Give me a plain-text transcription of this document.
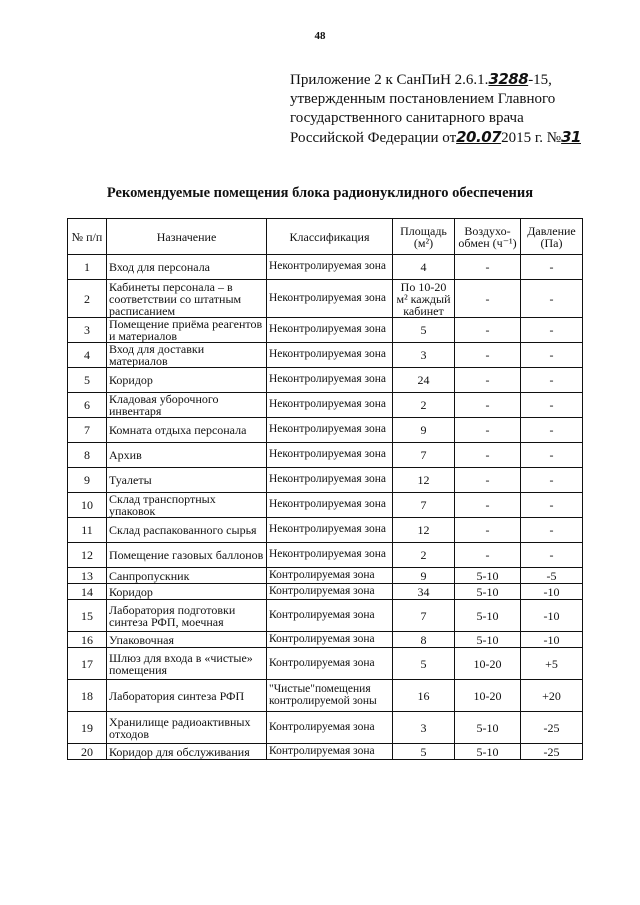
48
Приложение 2 к СанПиН 2.6.1.3288-15,
утвержденным постановлением Главного
государственного санитарного врача
Российской Федерации от20.072015 г. №31
Рекомендуемые помещения блока радионуклидного обеспечения
№ п/п	Назначение	Классификация	Площадь (м²)	Воздухо-обмен (ч⁻¹)	Давление (Па)
1	Вход для персонала	Неконтролируемая зона	4	-	-
2	Кабинеты персонала – в соответствии со штатным расписанием	Неконтролируемая зона	По 10-20 м² каждый кабинет	-	-
3	Помещение приёма реагентов и материалов	Неконтролируемая зона	5	-	-
4	Вход для доставки материалов	Неконтролируемая зона	3	-	-
5	Коридор	Неконтролируемая зона	24	-	-
6	Кладовая уборочного инвентаря	Неконтролируемая зона	2	-	-
7	Комната отдыха персонала	Неконтролируемая зона	9	-	-
8	Архив	Неконтролируемая зона	7	-	-
9	Туалеты	Неконтролируемая зона	12	-	-
10	Склад транспортных упаковок	Неконтролируемая зона	7	-	-
11	Склад распакованного сырья	Неконтролируемая зона	12	-	-
12	Помещение газовых баллонов	Неконтролируемая зона	2	-	-
13	Санпропускник	Контролируемая зона	9	5-10	-5
14	Коридор	Контролируемая зона	34	5-10	-10
15	Лаборатория подготовки синтеза РФП, моечная	Контролируемая зона	7	5-10	-10
16	Упаковочная	Контролируемая зона	8	5-10	-10
17	Шлюз для входа в «чистые» помещения	Контролируемая зона	5	10-20	+5
18	Лаборатория синтеза РФП	"Чистые"помещения контролируемой зоны	16	10-20	+20
19	Хранилище радиоактивных отходов	Контролируемая зона	3	5-10	-25
20	Коридор для обслуживания	Контролируемая зона	5	5-10	-25
